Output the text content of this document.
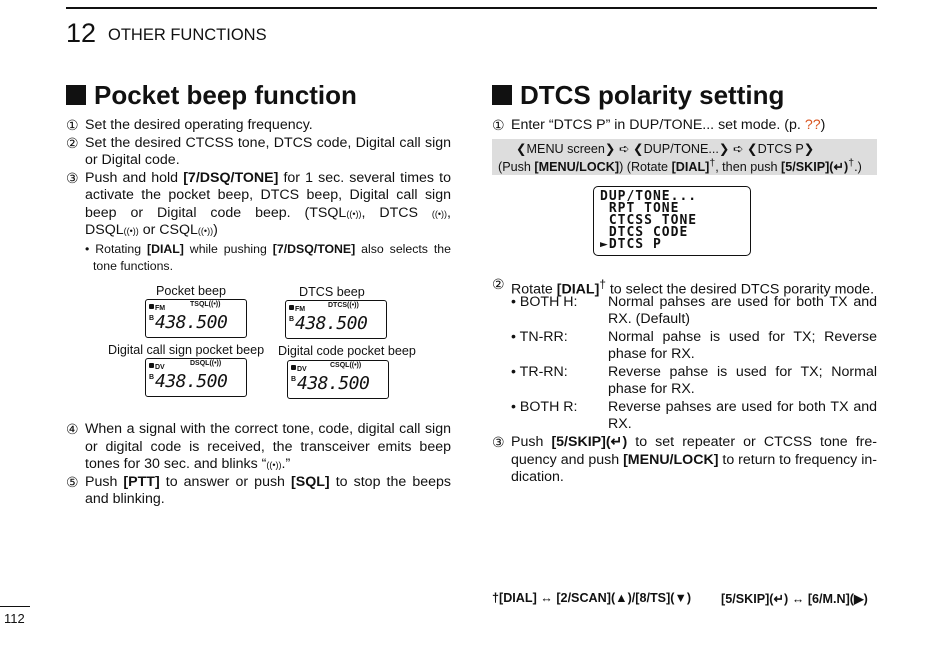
12 OTHER FUNCTIONS
Pocket beep function
① Set the desired operating frequency.
② Set the desired CTCSS tone, DTCS code, Digital call sign
or Digital code.
③ Push and hold [7/DSQ/TONE] for 1 sec. several times to
activate the pocket beep, DTCS beep, Digital call sign
beep or Digital code beep. (TSQL((•)), DTCS ((•)),
DSQL((•)) or CSQL((•)))
• Rotating [DIAL] while pushing [7/DSQ/TONE] also selects the
tone functions.
Pocket beep
FM
TSQL((•))
B 438.500
DTCS beep
FM
DTCS((•))
B 438.500
Digital call sign pocket beep
DV
DSQL((•))
B 438.500
Digital code pocket beep
DV
CSQL((•))
B 438.500
④ When a signal with the correct tone, code, digital call sign
or digital code is received, the transceiver emits beep
tones for 30 sec. and blinks “((•)).”
⑤ Push [PTT] to answer or push [SQL] to stop the beeps
and blinking.
DTCS polarity setting
① Enter “DTCS P” in DUP/TONE... set mode. (p. ??)
❮MENU screen❯ ➪ ❮DUP/TONE...❯ ➪ ❮DTCS P❯
(Push [MENU/LOCK]) (Rotate [DIAL]†, then push [5/SKIP](↵)†.)
DUP/TONE...
RPT TONE
CTCSS TONE
DTCS CODE
►DTCS P
② Rotate [DIAL]† to select the desired DTCS porarity mode.
• BOTH H: Normal pahses are used for both TX and
RX. (Default)
• TN-RR:	Normal pahse is used for TX; Reverse
phase for RX.
• TR-RN:	Reverse pahse is used for TX; Normal
phase for RX.
• BOTH R: Reverse pahses are used for both TX and
RX.
③ Push [5/SKIP](↵) to set repeater or CTCSS tone fre-
quency and push [MENU/LOCK] to return to frequency in-
dication.
†[DIAL] ↔ [2/SCAN](▲)/[8/TS](▼) [5/SKIP](↵) ↔ [6/M.N](▶)
112
